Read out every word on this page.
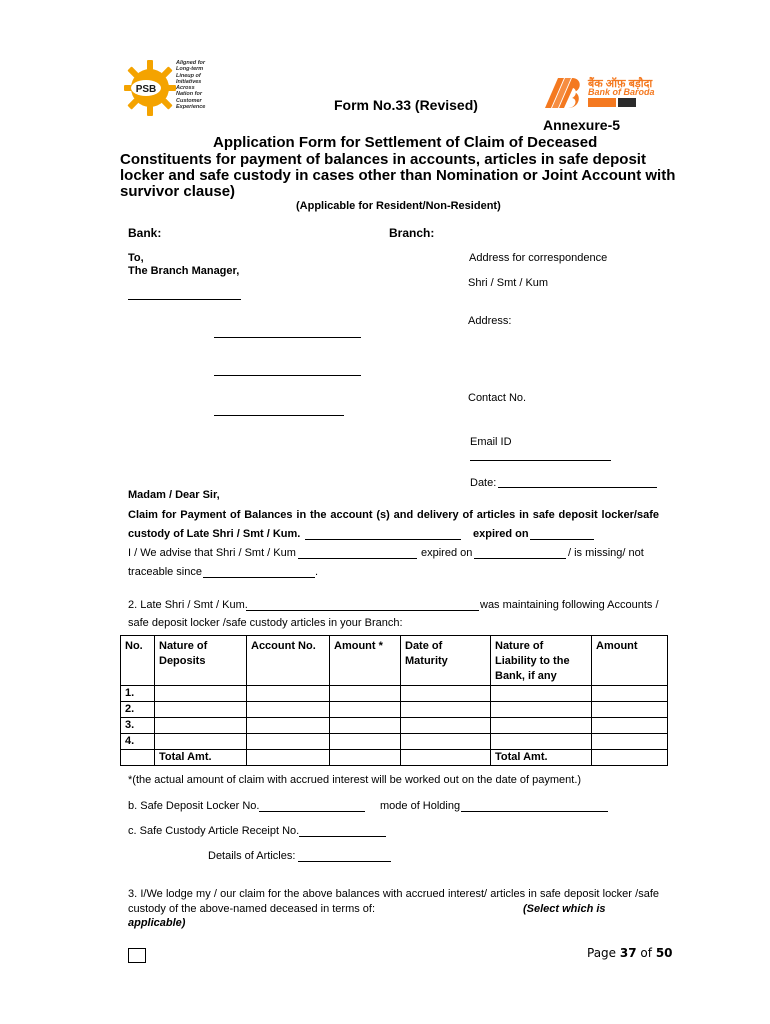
PSB
Aligned for
Long-term
Lineup of
Initiatives
Across
Nation for
Customer
Experience
बैंक ऑफ़ बड़ौदा
Bank of Baroda
Form No.33 (Revised)
Annexure-5
Application Form for Settlement of Claim of Deceased
Constituents for payment of balances in accounts, articles in safe deposit
locker and safe custody in cases other than Nomination or Joint Account with
survivor clause)
(Applicable for Resident/Non-Resident)
Bank:	Branch:
To,
The Branch Manager,
Address for correspondence
Shri / Smt / Kum
Address:
Contact No.
Email ID
Date:
Madam / Dear Sir,
Claim for Payment of Balances in the account (s) and delivery of articles in safe deposit locker/safe
custody of Late Shri / Smt / Kum.	expired on
I / We advise that Shri / Smt / Kum	expired on	/ is missing/ not
traceable since	.
2. Late Shri / Smt / Kum.	was maintaining following Accounts /
safe deposit locker /safe custody articles in your Branch:
No.	Nature of Deposits	Account No.	Amount *	Date of Maturity	Nature of Liability to the Bank, if any	Amount
1.						
2.						
3.						
4.						
	Total Amt.				Total Amt.	
*(the actual amount of claim with accrued interest will be worked out on the date of payment.)
b. Safe Deposit Locker No.	mode of Holding
c. Safe Custody Article Receipt No.
Details of Articles:
3. I/We lodge my / our claim for the above balances with accrued interest/ articles in safe deposit locker /safe
custody of the above-named deceased in terms of:	(Select which is
applicable)
Page 37 of 50
